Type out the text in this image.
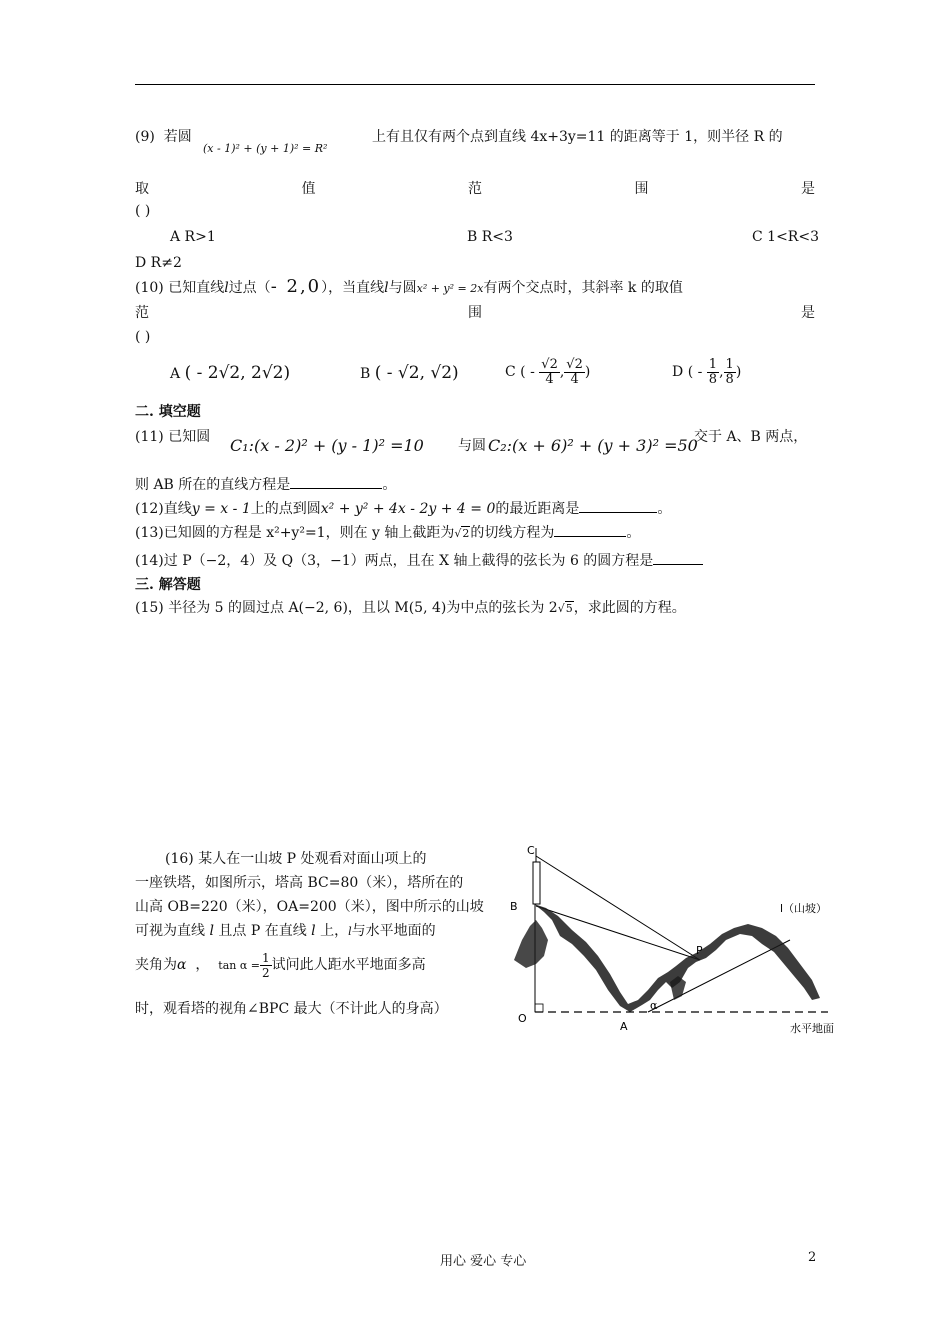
(9) 若圆
(x - 1)² + (y + 1)² = R²
上有且仅有两个点到直线 4x+3y=11 的距离等于 1，则半径 R 的
取	值	范	围	是
( )
A R>1	B R<3	C 1<R<3
D R≠2
(10) 已知直线l过点（- 2,0），当直线l与圆x² + y² = 2x有两个交点时，其斜率 k 的取值
范	围	是
( )
A ( - 2√2, 2√2)	B ( - √2, √2)	C ( - $\frac{√2}{4}$ , $\frac{√2}{4}$ )	D ( - $\frac{1}{8}$ , $\frac{1}{8}$ )
二. 填空题
(11) 已知圆 C₁:(x - 2)² + (y - 1)² =10 与圆 C₂:(x + 6)² + (y + 3)² =50
交于 A、B 两点，
则 AB 所在的直线方程是	。
(12)直线y = x - 1上的点到圆x² + y² + 4x - 2y + 4 = 0的最近距离是	。
(13)已知圆的方程是 x²+y²=1，则在 y 轴上截距为√2的切线方程为	。
(14)过 P（−2，4）及 Q（3，−1）两点，且在 X 轴上截得的弦长为 6 的圆方程是
三. 解答题
(15) 半径为 5 的圆过点 A(−2, 6)，且以 M(5, 4)为中点的弦长为 2√5，求此圆的方程。
(16) 某人在一山坡 P 处观看对面山项上的
一座铁塔，如图所示，塔高 BC=80（米），塔所在的
山高 OB=220（米），OA=200（米），图中所示的山坡
可视为直线 l 且点 P 在直线 l 上，l与水平地面的
夹角为α ， $\tan \alpha = \frac{1}{2}$ 试问此人距水平地面多高
时，观看塔的视角∠BPC 最大（不计此人的身高）
C
B
P
O
A
α
l（山坡）
水平地面
用心 爱心 专心	2
